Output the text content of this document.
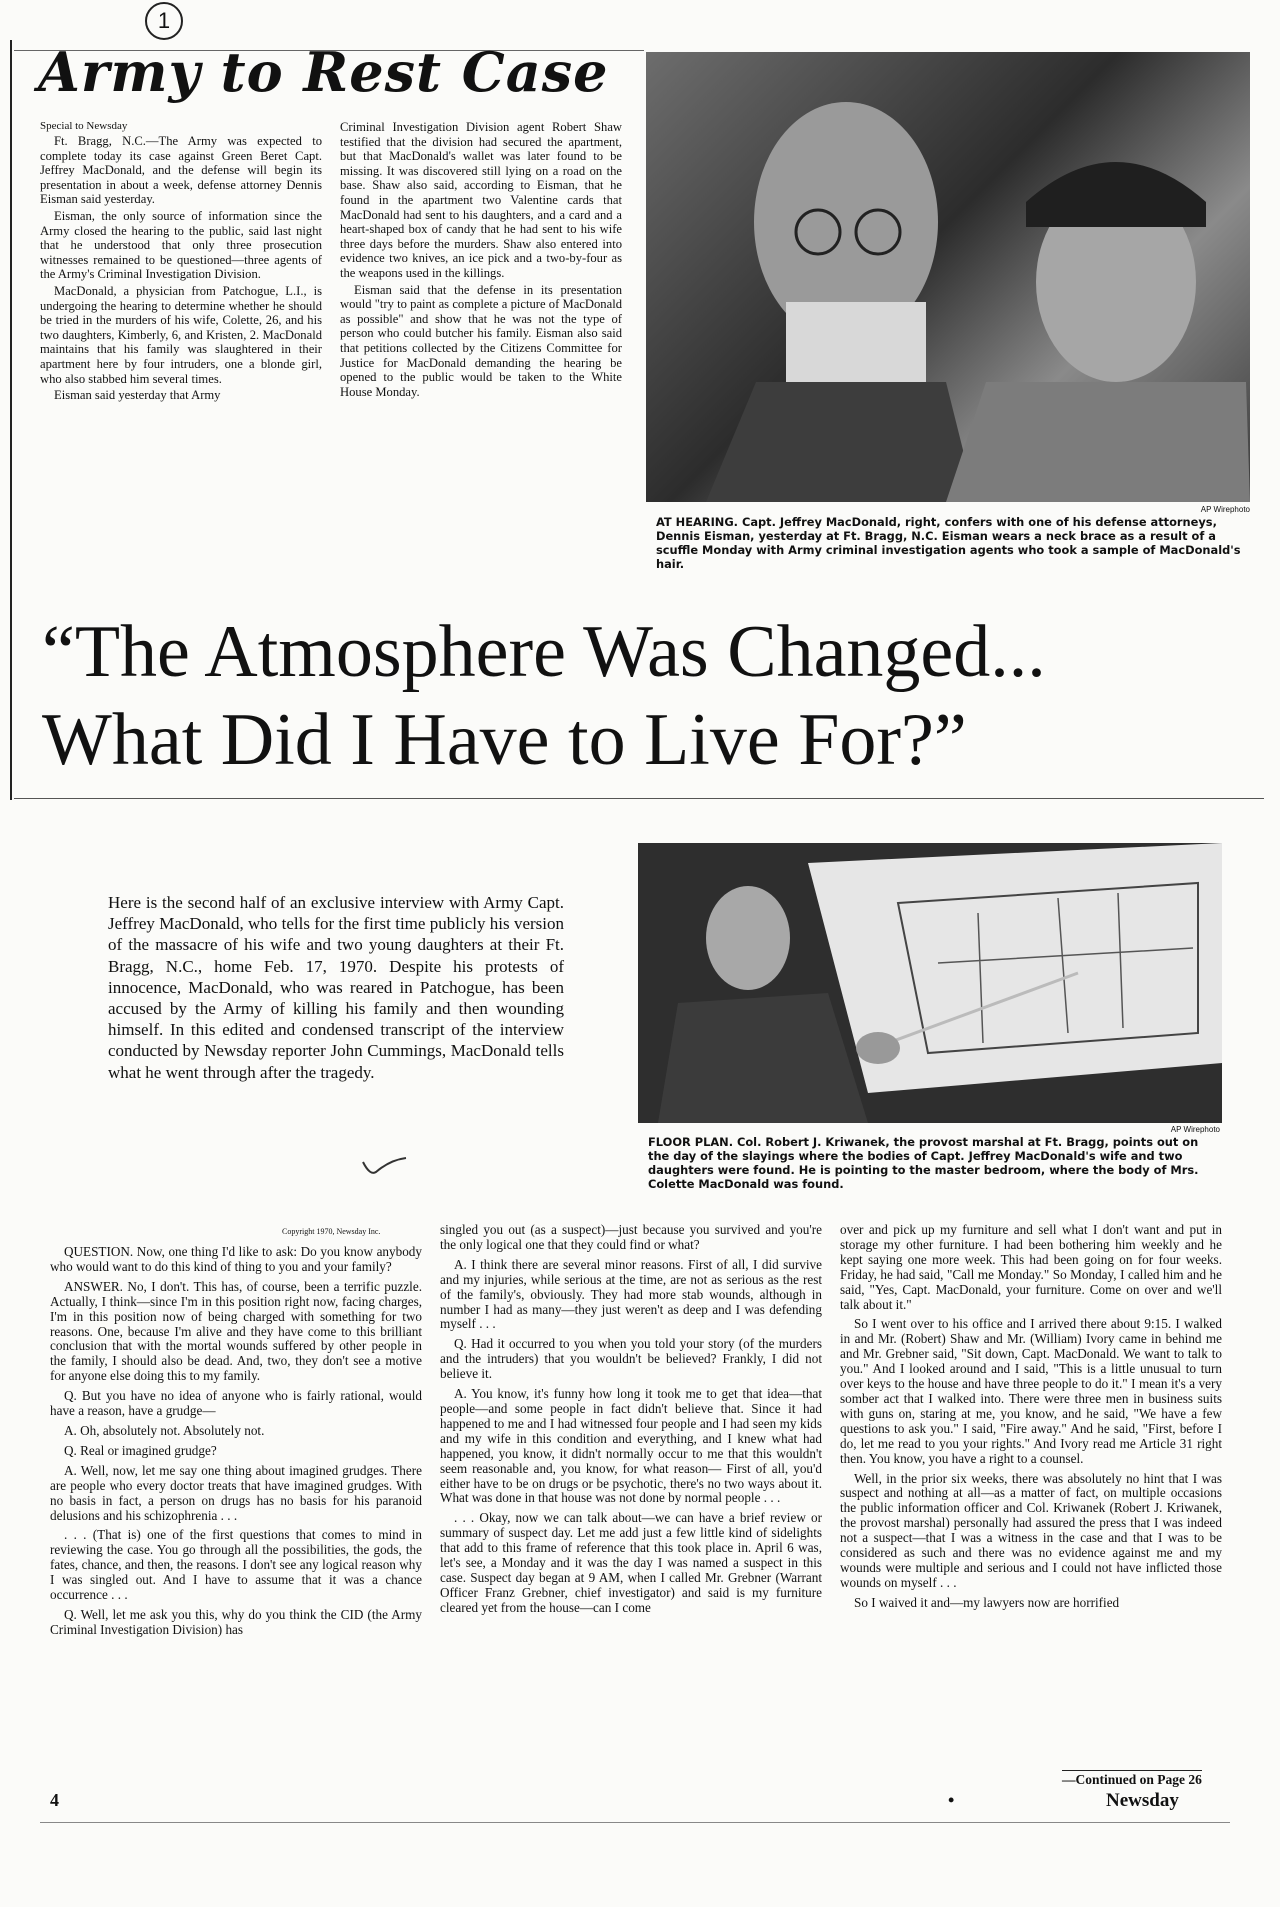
1
Army to Rest Case
Special to Newsday

Ft. Bragg, N.C.—The Army was expected to complete today its case against Green Beret Capt. Jeffrey MacDonald, and the defense will begin its presentation in about a week, defense attorney Dennis Eisman said yesterday.

Eisman, the only source of information since the Army closed the hearing to the public, said last night that he understood that only three prosecution witnesses remained to be questioned—three agents of the Army's Criminal Investigation Division.

MacDonald, a physician from Patchogue, L.I., is undergoing the hearing to determine whether he should be tried in the murders of his wife, Colette, 26, and his two daughters, Kimberly, 6, and Kristen, 2. MacDonald maintains that his family was slaughtered in their apartment here by four intruders, one a blonde girl, who also stabbed him several times.

Eisman said yesterday that Army

Criminal Investigation Division agent Robert Shaw testified that the division had secured the apartment, but that MacDonald's wallet was later found to be missing. It was discovered still lying on a road on the base. Shaw also said, according to Eisman, that he found in the apartment two Valentine cards that MacDonald had sent to his daughters, and a card and a heart-shaped box of candy that he had sent to his wife three days before the murders. Shaw also entered into evidence two knives, an ice pick and a two-by-four as the weapons used in the killings.

Eisman said that the defense in its presentation would "try to paint as complete a picture of MacDonald as possible" and show that he was not the type of person who could butcher his family. Eisman also said that petitions collected by the Citizens Committee for Justice for MacDonald demanding the hearing be opened to the public would be taken to the White House Monday.

AP Wirephoto
AT HEARING. Capt. Jeffrey MacDonald, right, confers with one of his defense attorneys, Dennis Eisman, yesterday at Ft. Bragg, N.C. Eisman wears a neck brace as a result of a scuffle Monday with Army criminal investigation agents who took a sample of MacDonald's hair.
“The Atmosphere Was Changed...
What Did I Have to Live For?”
Here is the second half of an exclusive interview with Army Capt. Jeffrey MacDonald, who tells for the first time publicly his version of the massacre of his wife and two young daughters at their Ft. Bragg, N.C., home Feb. 17, 1970. Despite his protests of innocence, MacDonald, who was reared in Patchogue, has been accused by the Army of killing his family and then wounding himself. In this edited and condensed transcript of the interview conducted by Newsday reporter John Cummings, MacDonald tells what he went through after the tragedy.
AP Wirephoto
FLOOR PLAN. Col. Robert J. Kriwanek, the provost marshal at Ft. Bragg, points out on the day of the slayings where the bodies of Capt. Jeffrey MacDonald's wife and two daughters were found. He is pointing to the master bedroom, where the body of Mrs. Colette MacDonald was found.
Copyright 1970, Newsday Inc.

QUESTION. Now, one thing I'd like to ask: Do you know anybody who would want to do this kind of thing to you and your family?

ANSWER. No, I don't. This has, of course, been a terrific puzzle. Actually, I think—since I'm in this position right now, facing charges, I'm in this position now of being charged with something for two reasons. One, because I'm alive and they have come to this brilliant conclusion that with the mortal wounds suffered by other people in the family, I should also be dead. And, two, they don't see a motive for anyone else doing this to my family.

Q. But you have no idea of anyone who is fairly rational, would have a reason, have a grudge—

A. Oh, absolutely not. Absolutely not.

Q. Real or imagined grudge?

A. Well, now, let me say one thing about imagined grudges. There are people who every doctor treats that have imagined grudges. With no basis in fact, a person on drugs has no basis for his paranoid delusions and his schizophrenia . . .

. . . (That is) one of the first questions that comes to mind in reviewing the case. You go through all the possibilities, the gods, the fates, chance, and then, the reasons. I don't see any logical reason why I was singled out. And I have to assume that it was a chance occurrence . . .

Q. Well, let me ask you this, why do you think the CID (the Army Criminal Investigation Division) has

singled you out (as a suspect)—just because you survived and you're the only logical one that they could find or what?

A. I think there are several minor reasons. First of all, I did survive and my injuries, while serious at the time, are not as serious as the rest of the family's, obviously. They had more stab wounds, although in number I had as many—they just weren't as deep and I was defending myself . . .

Q. Had it occurred to you when you told your story (of the murders and the intruders) that you wouldn't be believed? Frankly, I did not believe it.

A. You know, it's funny how long it took me to get that idea—that people—and some people in fact didn't believe that. Since it had happened to me and I had witnessed four people and I had seen my kids and my wife in this condition and everything, and I knew what had happened, you know, it didn't normally occur to me that this wouldn't seem reasonable and, you know, for what reason— First of all, you'd either have to be on drugs or be psychotic, there's no two ways about it. What was done in that house was not done by normal people . . .

. . . Okay, now we can talk about—we can have a brief review or summary of suspect day. Let me add just a few little kind of sidelights that add to this frame of reference that this took place in. April 6 was, let's see, a Monday and it was the day I was named a suspect in this case. Suspect day began at 9 AM, when I called Mr. Grebner (Warrant Officer Franz Grebner, chief investigator) and said is my furniture cleared yet from the house—can I come

over and pick up my furniture and sell what I don't want and put in storage my other furniture. I had been bothering him weekly and he kept saying one more week. This had been going on for four weeks. Friday, he had said, "Call me Monday." So Monday, I called him and he said, "Yes, Capt. MacDonald, your furniture. Come on over and we'll talk about it."

So I went over to his office and I arrived there about 9:15. I walked in and Mr. (Robert) Shaw and Mr. (William) Ivory came in behind me and Mr. Grebner said, "Sit down, Capt. MacDonald. We want to talk to you." And I looked around and I said, "This is a little unusual to turn over keys to the house and have three people to do it." I mean it's a very somber act that I walked into. There were three men in business suits with guns on, staring at me, you know, and he said, "We have a few questions to ask you." I said, "Fire away." And he said, "First, before I do, let me read to you your rights." And Ivory read me Article 31 right then. You know, you have a right to a counsel.

Well, in the prior six weeks, there was absolutely no hint that I was suspect and nothing at all—as a matter of fact, on multiple occasions the public information officer and Col. Kriwanek (Robert J. Kriwanek, the provost marshal) personally had assured the press that I was indeed not a suspect—that I was a witness in the case and that I was to be considered as such and there was no evidence against me and my wounds were multiple and serious and I could not have inflicted those wounds on myself . . .

So I waived it and—my lawyers now are horrified

—Continued on Page 26
4	•	Newsday
